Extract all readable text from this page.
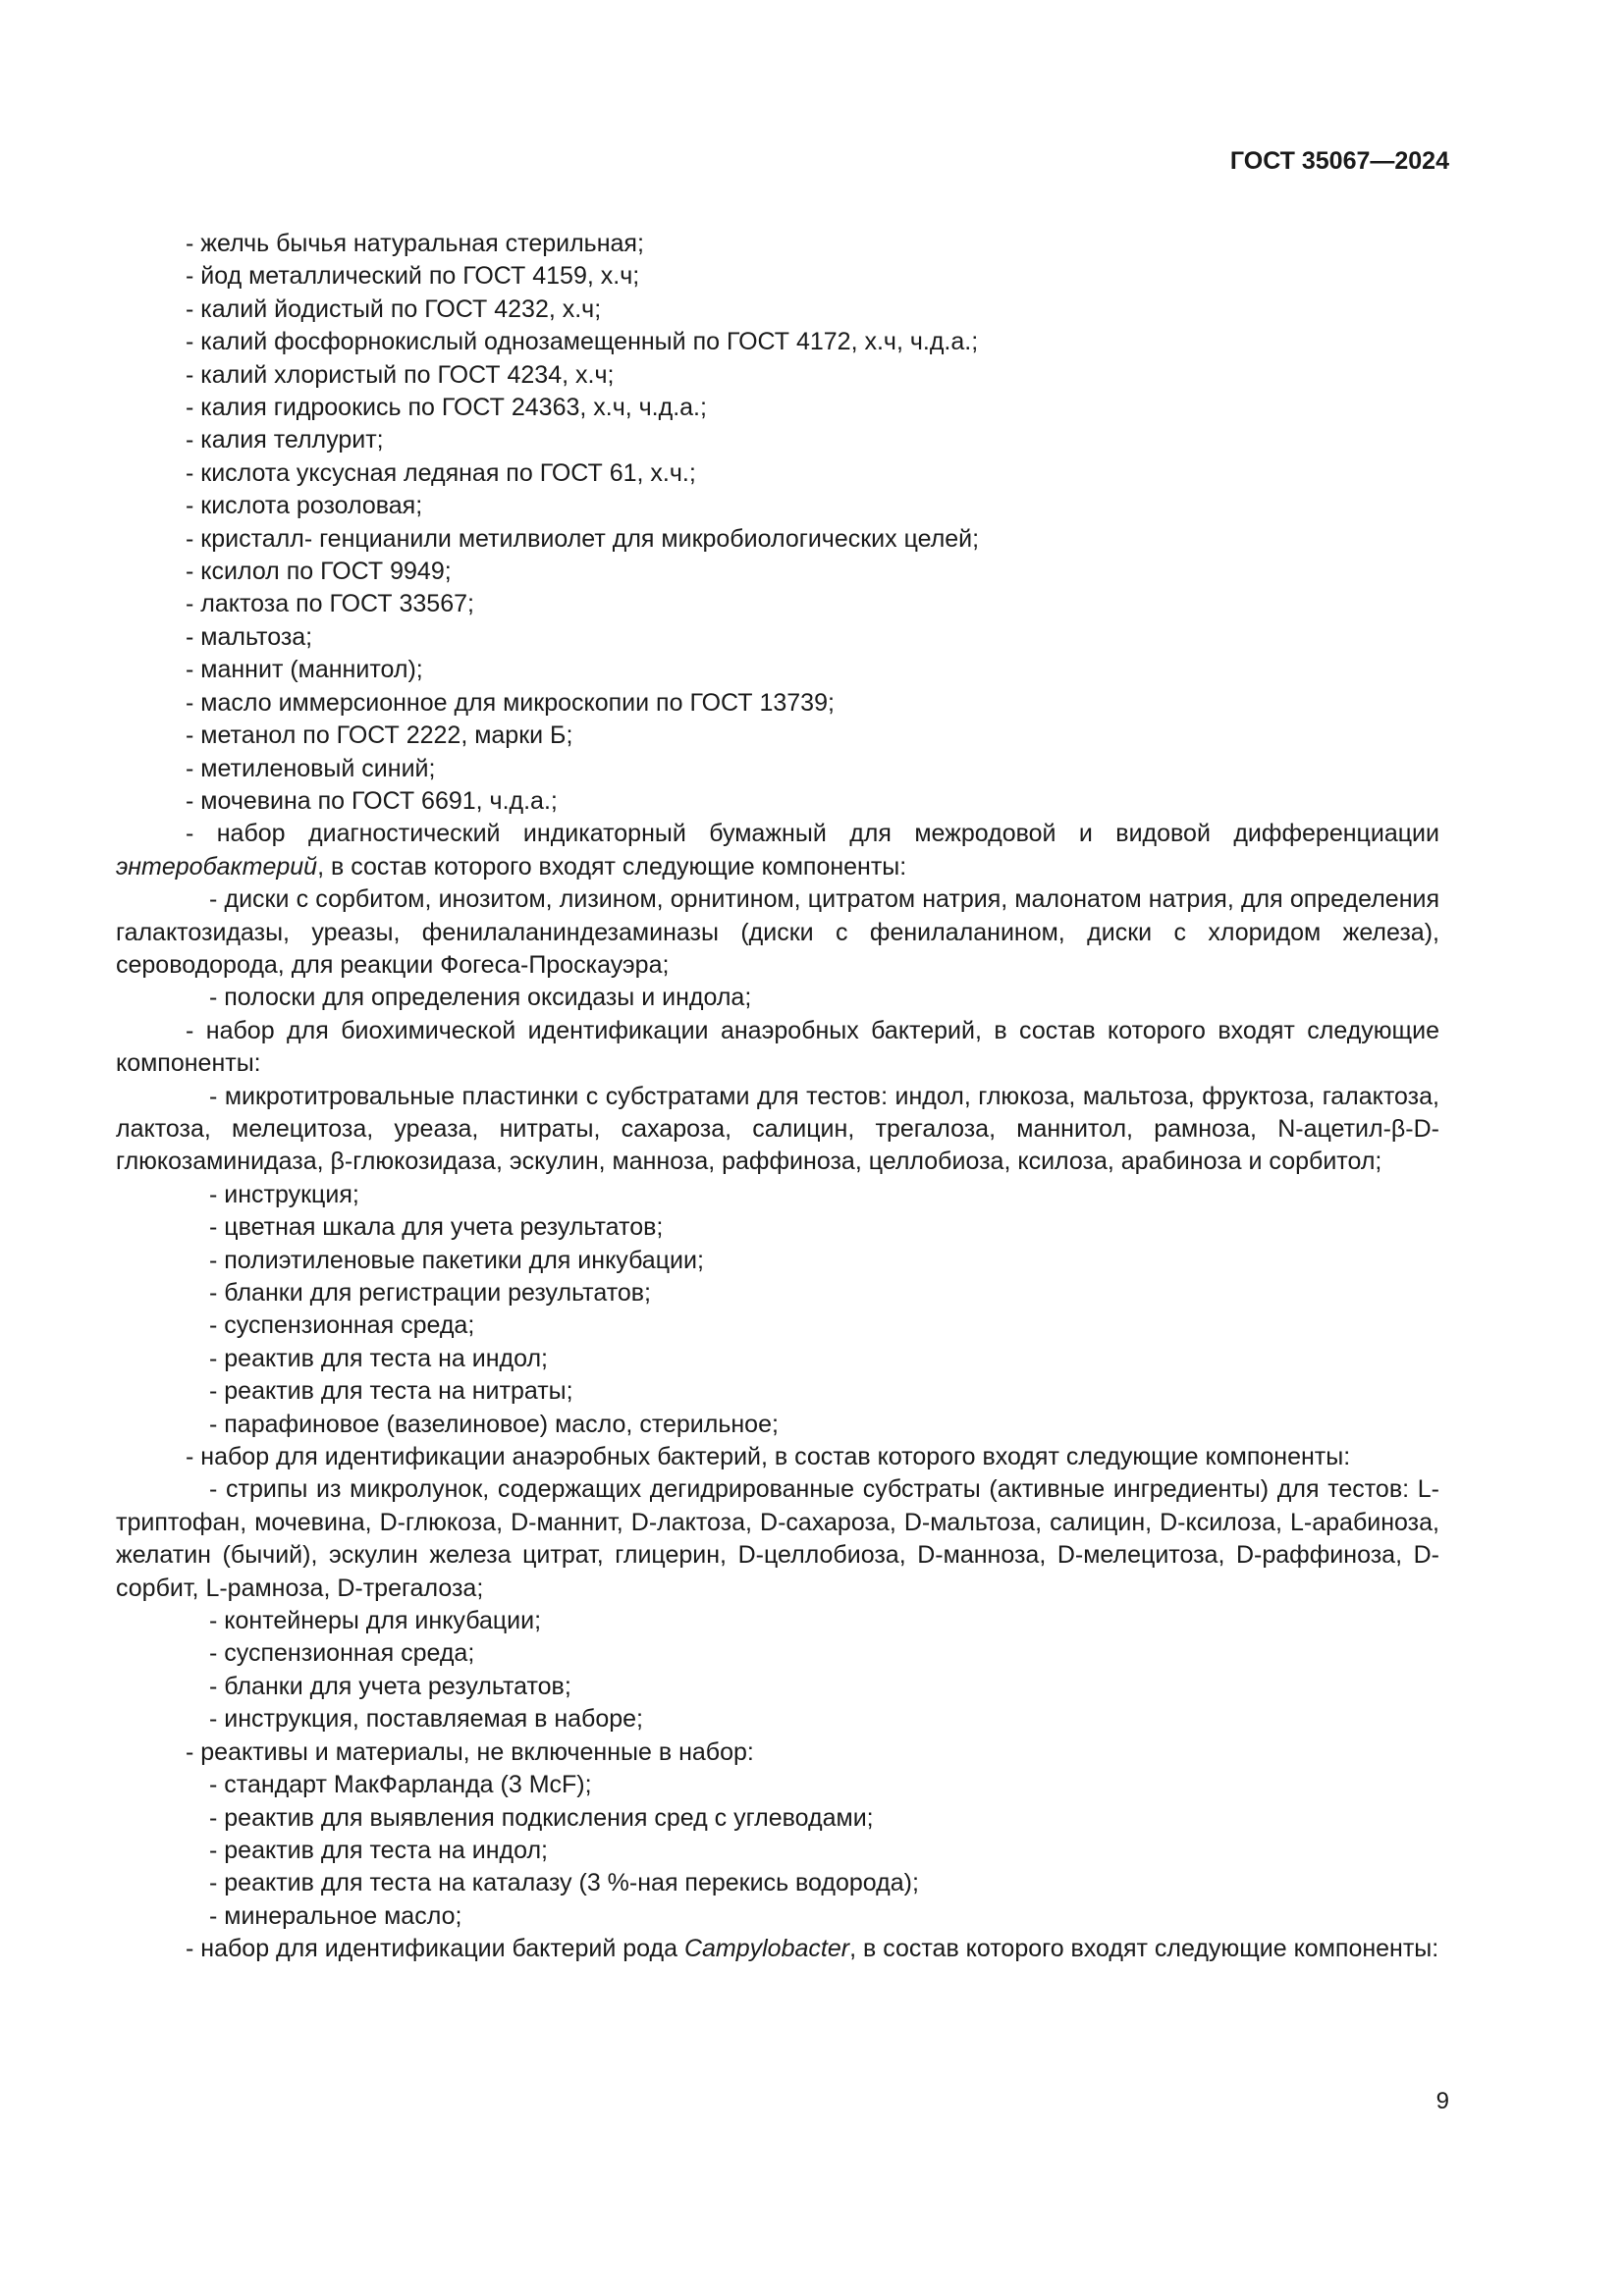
ГОСТ 35067—2024

- желчь бычья натуральная стерильная;

- йод металлический по ГОСТ 4159, х.ч;

- калий йодистый по ГОСТ 4232, х.ч;

- калий фосфорнокислый однозамещенный по ГОСТ 4172, х.ч, ч.д.а.;

- калий хлористый по ГОСТ 4234, х.ч;

- калия гидроокись по ГОСТ 24363, х.ч, ч.д.а.;

- калия теллурит;

- кислота уксусная ледяная по ГОСТ 61, х.ч.;

- кислота розоловая;

- кристалл- генцианили метилвиолет для микробиологических целей;

- ксилол по ГОСТ 9949;

- лактоза по ГОСТ 33567;

- мальтоза;

- маннит (маннитол);

- масло иммерсионное для микроскопии по ГОСТ 13739;

- метанол по ГОСТ 2222, марки Б;

- метиленовый синий;

- мочевина по ГОСТ 6691, ч.д.а.;

- набор диагностический индикаторный бумажный для межродовой и видовой дифференциации энтеробактерий, в состав которого входят следующие компоненты:

- диски с сорбитом, инозитом, лизином, орнитином, цитратом натрия, малонатом натрия, для определения галактозидазы, уреазы, фенилаланиндезаминазы (диски с фенилаланином, диски с хлоридом железа), сероводорода, для реакции Фогеса-Проскауэра;

- полоски для определения оксидазы и индола;

- набор для биохимической идентификации анаэробных бактерий, в состав которого входят следующие компоненты:

- микротитровальные пластинки с субстратами для тестов: индол, глюкоза, мальтоза, фруктоза, галактоза, лактоза, мелецитоза, уреаза, нитраты, сахароза, салицин, трегалоза, маннитол, рамноза, N-ацетил-β-D-глюкозаминидаза, β-глюкозидаза, эскулин, манноза, раффиноза, целлобиоза, ксилоза, арабиноза и сорбитол;

- инструкция;

- цветная шкала для учета результатов;

- полиэтиленовые пакетики для инкубации;

- бланки для регистрации результатов;

- суспензионная среда;

- реактив для теста на индол;

- реактив для теста на нитраты;

- парафиновое (вазелиновое) масло, стерильное;

- набор для идентификации анаэробных бактерий, в состав которого входят следующие компоненты:

- стрипы из микролунок, содержащих дегидрированные субстраты (активные ингредиенты) для тестов: L-триптофан, мочевина, D-глюкоза, D-маннит, D-лактоза, D-сахароза, D-мальтоза, салицин, D-ксилоза, L-арабиноза, желатин (бычий), эскулин железа цитрат, глицерин, D-целлобиоза, D-манноза, D-мелецитоза, D-раффиноза, D-сорбит, L-рамноза, D-трегалоза;

- контейнеры для инкубации;

- суспензионная среда;

- бланки для учета результатов;

- инструкция, поставляемая в наборе;

- реактивы и материалы, не включенные в набор:

- стандарт МакФарланда (3 McF);

- реактив для выявления подкисления сред с углеводами;

- реактив для теста на индол;

- реактив для теста на каталазу (3 %-ная перекись водорода);

- минеральное масло;

- набор для идентификации бактерий рода Campylobacter, в состав которого входят следующие компоненты:

9
